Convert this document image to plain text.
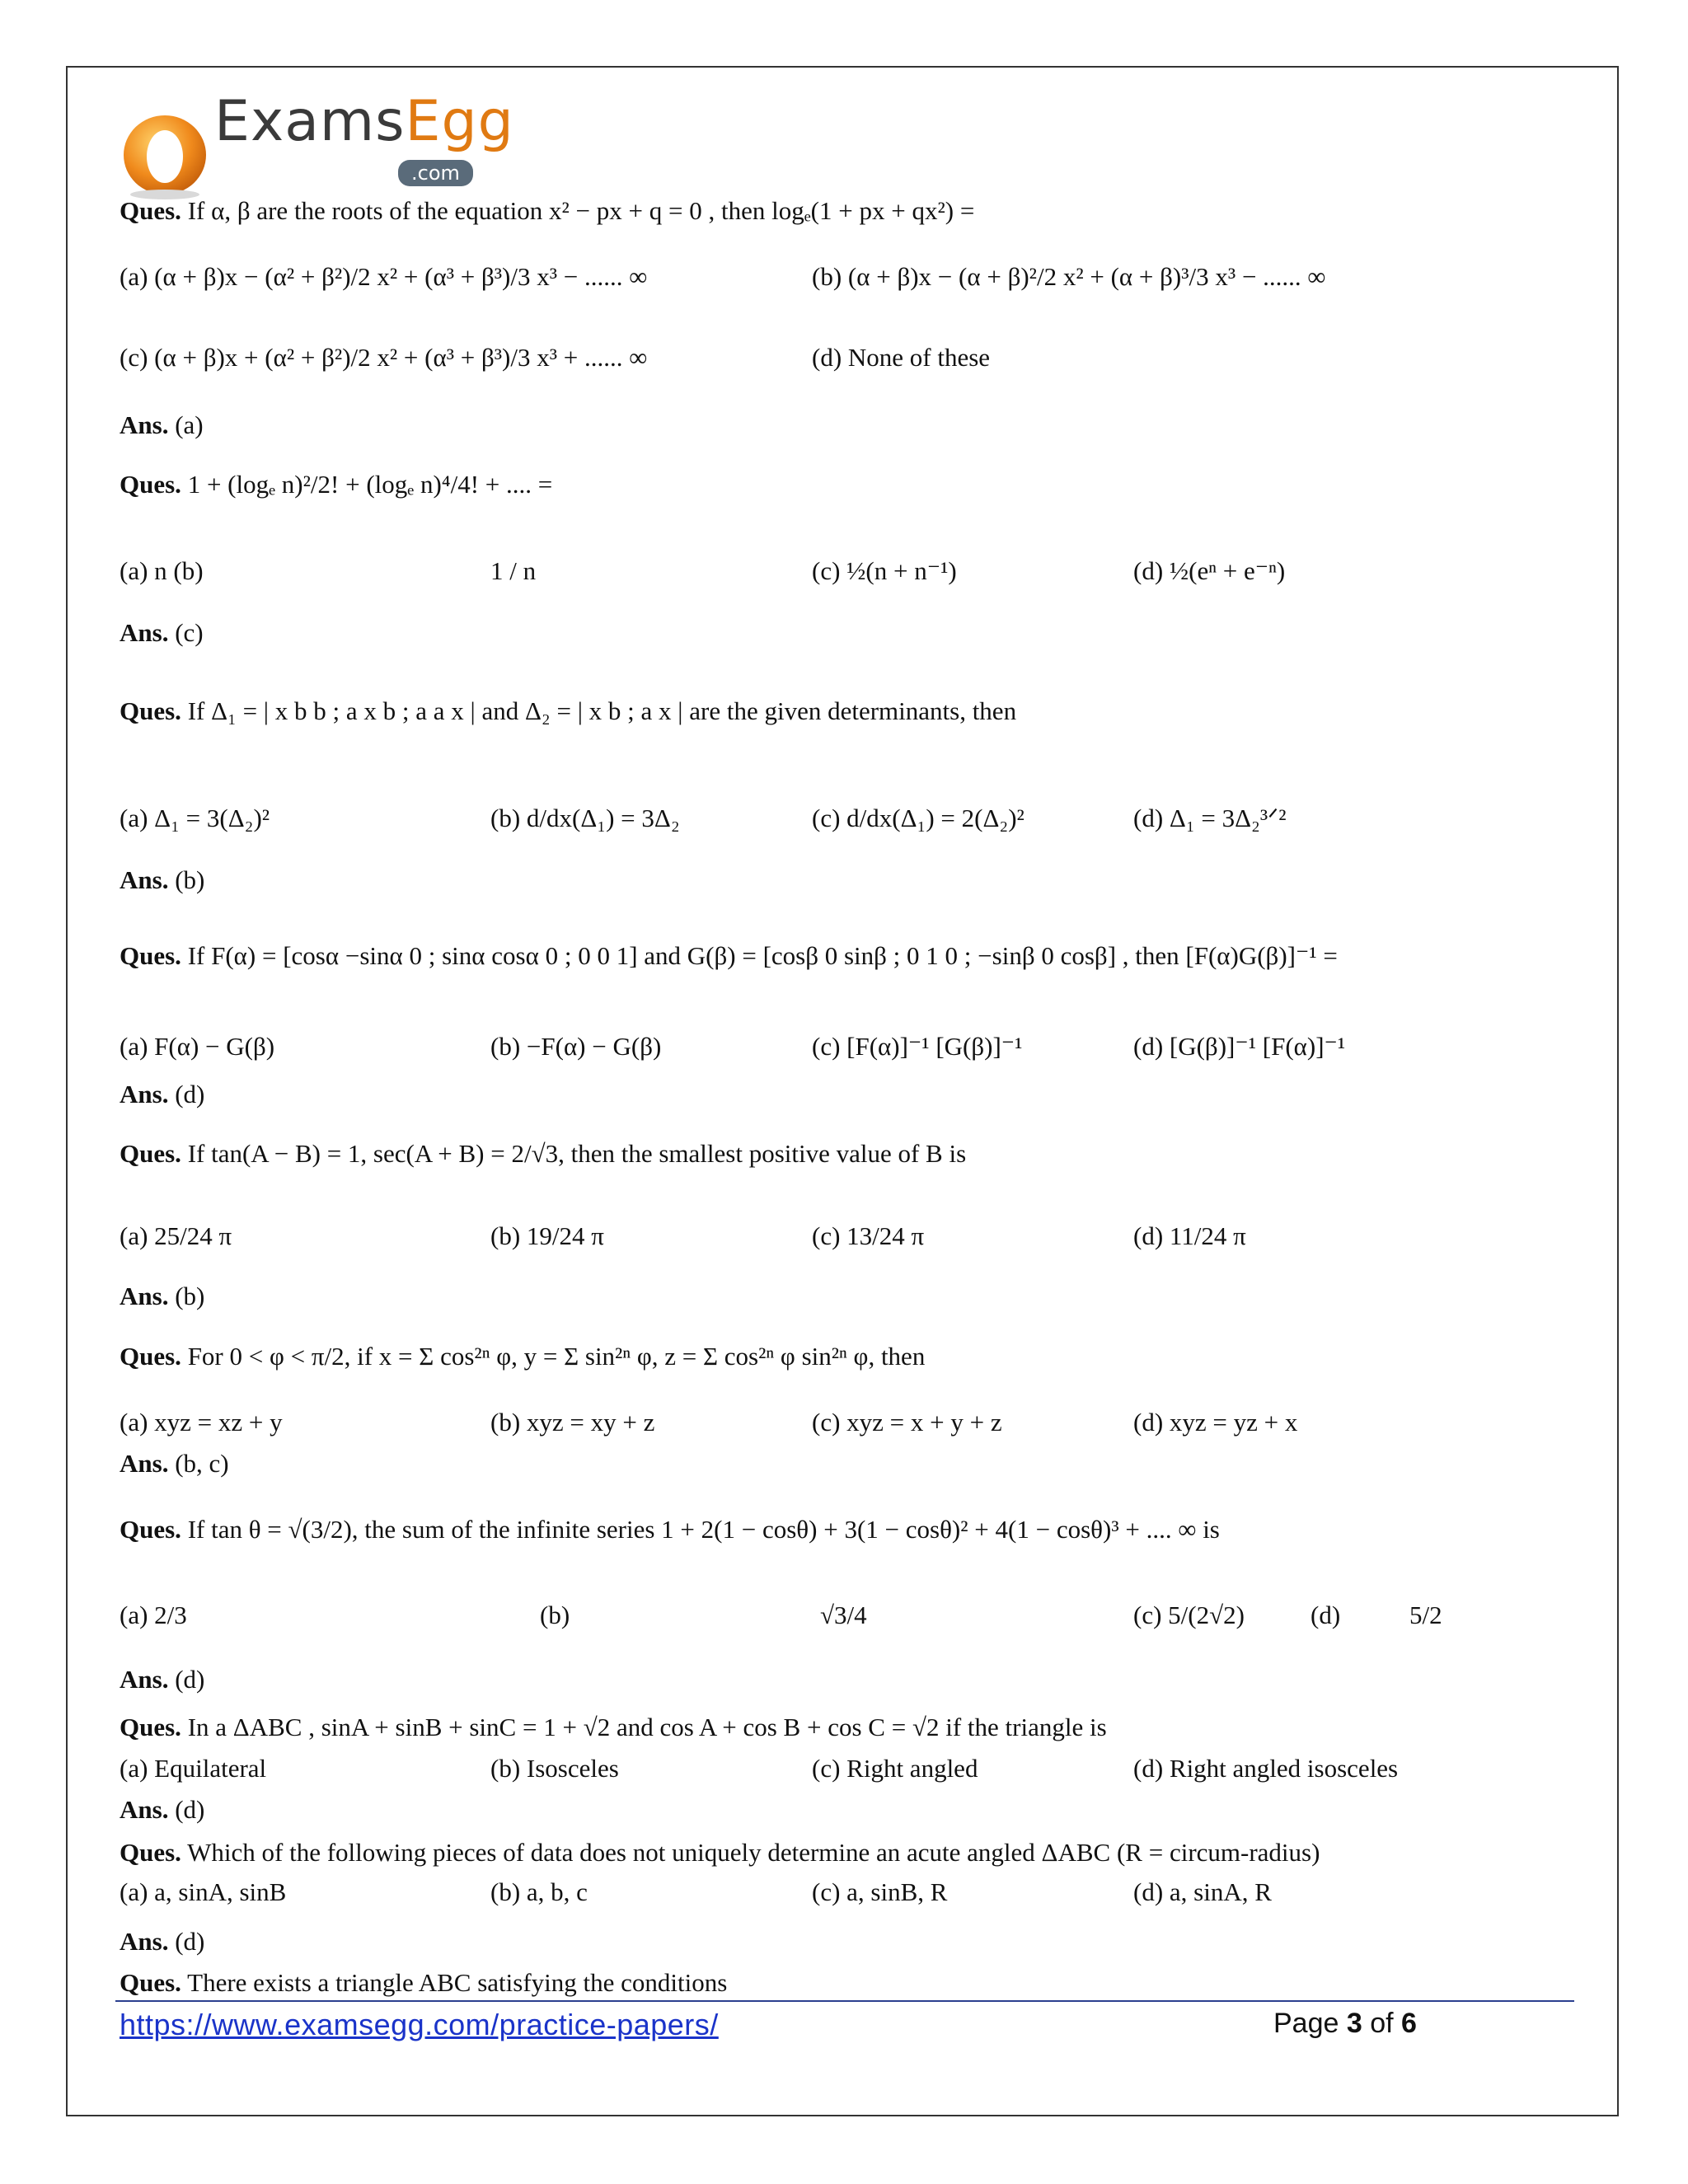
ExamsEgg
.com
Ques. If α, β are the roots of the equation x² − px + q = 0 , then logₑ(1 + px + qx²) =
(a) (α + β)x − (α² + β²)/2 x² + (α³ + β³)/3 x³ − ...... ∞	(b) (α + β)x − (α + β)²/2 x² + (α + β)³/3 x³ − ...... ∞
(c) (α + β)x + (α² + β²)/2 x² + (α³ + β³)/3 x³ + ...... ∞	(d) None of these
Ans. (a)
Ques. 1 + (logₑ n)²/2! + (logₑ n)⁴/4! + .... =
(a) n (b)	1 / n	(c) ½(n + n⁻¹)	(d) ½(eⁿ + e⁻ⁿ)
Ans. (c)
Ques. If Δ₁ = | x b b ; a x b ; a a x | and Δ₂ = | x b ; a x | are the given determinants, then
(a) Δ₁ = 3(Δ₂)²	(b) d/dx(Δ₁) = 3Δ₂	(c) d/dx(Δ₁) = 2(Δ₂)²	(d) Δ₁ = 3Δ₂³ᐟ²
Ans. (b)
Ques. If F(α) = [cosα −sinα 0 ; sinα cosα 0 ; 0 0 1] and G(β) = [cosβ 0 sinβ ; 0 1 0 ; −sinβ 0 cosβ] , then [F(α)G(β)]⁻¹ =
(a) F(α) − G(β)	(b) −F(α) − G(β)	(c) [F(α)]⁻¹ [G(β)]⁻¹	(d) [G(β)]⁻¹ [F(α)]⁻¹
Ans. (d)
Ques. If tan(A − B) = 1, sec(A + B) = 2/√3, then the smallest positive value of B is
(a) 25/24 π	(b) 19/24 π	(c) 13/24 π	(d) 11/24 π
Ans. (b)
Ques. For 0 < φ < π/2, if x = Σ cos²ⁿ φ, y = Σ sin²ⁿ φ, z = Σ cos²ⁿ φ sin²ⁿ φ, then
(a) xyz = xz + y	(b) xyz = xy + z	(c) xyz = x + y + z	(d) xyz = yz + x
Ans. (b, c)
Ques. If tan θ = √(3/2), the sum of the infinite series 1 + 2(1 − cosθ) + 3(1 − cosθ)² + 4(1 − cosθ)³ + .... ∞ is
(a) 2/3	(b)	√3/4	(c) 5/(2√2)	(d)	5/2
Ans. (d)
Ques. In a ΔABC , sinA + sinB + sinC = 1 + √2 and cos A + cos B + cos C = √2 if the triangle is
(a) Equilateral	(b) Isosceles	(c) Right angled	(d) Right angled isosceles
Ans. (d)
Ques. Which of the following pieces of data does not uniquely determine an acute angled ΔABC (R = circum-radius)
(a) a, sinA, sinB	(b) a, b, c	(c) a, sinB, R	(d) a, sinA, R
Ans. (d)
Ques. There exists a triangle ABC satisfying the conditions
https://www.examsegg.com/practice-papers/	Page 3 of 6
